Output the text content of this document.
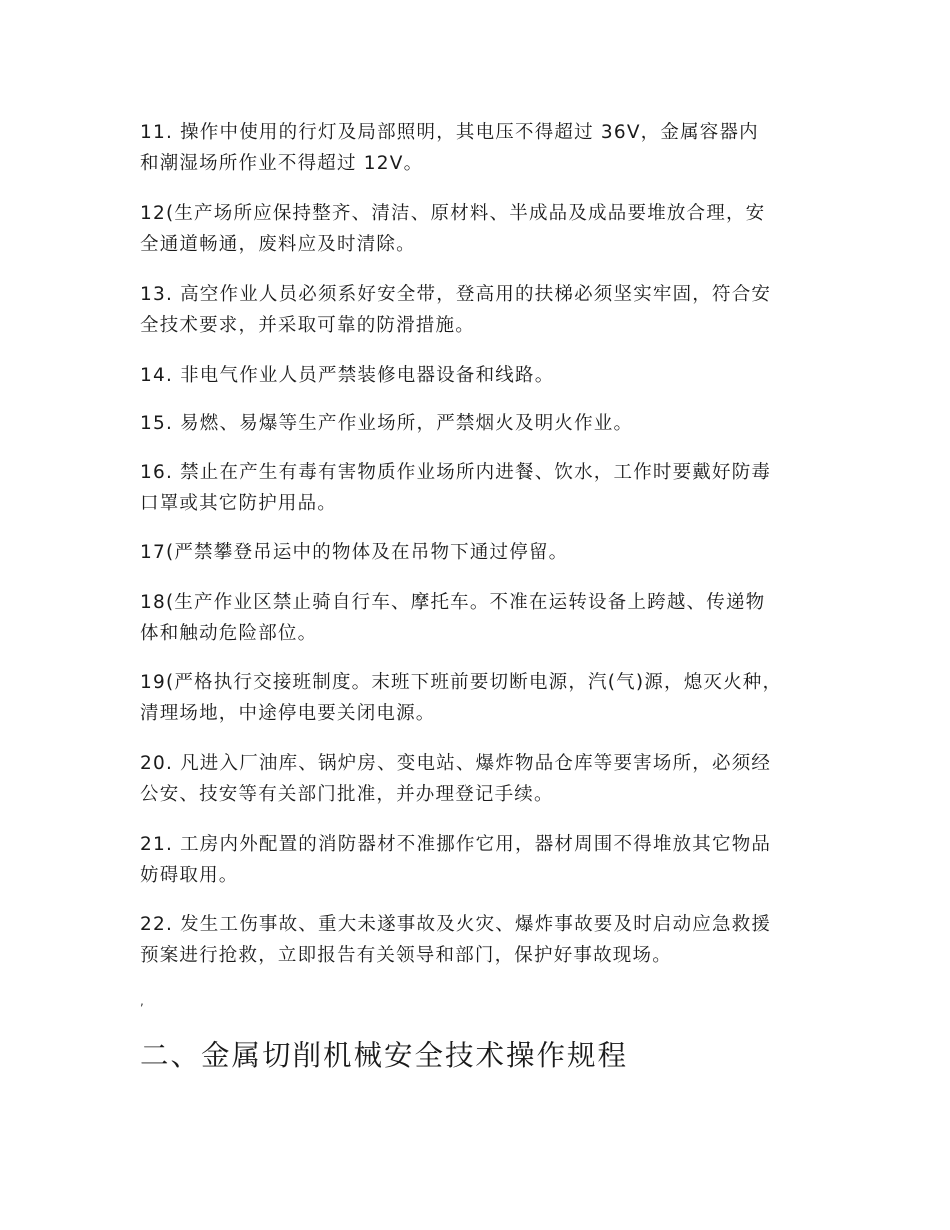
11. 操作中使用的行灯及局部照明，其电压不得超过 36V，金属容器内
和潮湿场所作业不得超过 12V。

12(生产场所应保持整齐、清洁、原材料、半成品及成品要堆放合理，安
全通道畅通，废料应及时清除。

13. 高空作业人员必须系好安全带，登高用的扶梯必须坚实牢固，符合安
全技术要求，并采取可靠的防滑措施。

14. 非电气作业人员严禁装修电器设备和线路。

15. 易燃、易爆等生产作业场所，严禁烟火及明火作业。

16. 禁止在产生有毒有害物质作业场所内进餐、饮水，工作时要戴好防毒
口罩或其它防护用品。

17(严禁攀登吊运中的物体及在吊物下通过停留。

18(生产作业区禁止骑自行车、摩托车。不准在运转设备上跨越、传递物
体和触动危险部位。

19(严格执行交接班制度。末班下班前要切断电源，汽(气)源，熄灭火种，
清理场地，中途停电要关闭电源。

20. 凡进入厂油库、锅炉房、变电站、爆炸物品仓库等要害场所，必须经
公安、技安等有关部门批准，并办理登记手续。

21. 工房内外配置的消防器材不准挪作它用，器材周围不得堆放其它物品
妨碍取用。

22. 发生工伤事故、重大未遂事故及火灾、爆炸事故要及时启动应急救援
预案进行抢救，立即报告有关领导和部门，保护好事故现场。

,
二、金属切削机械安全技术操作规程
